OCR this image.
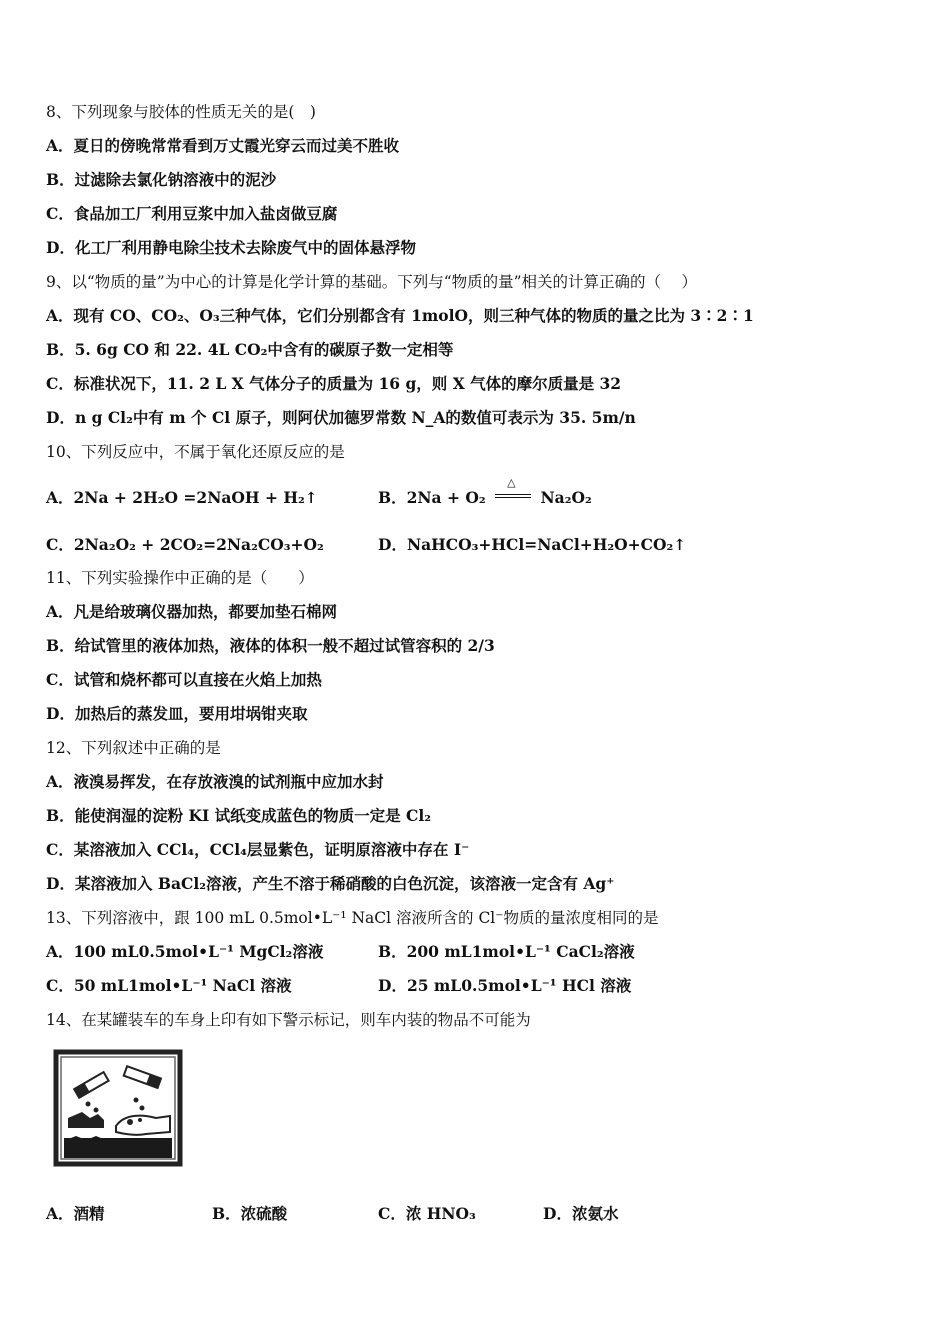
8、下列现象与胶体的性质无关的是(　)
A．夏日的傍晚常常看到万丈霞光穿云而过美不胜收
B．过滤除去氯化钠溶液中的泥沙
C．食品加工厂利用豆浆中加入盐卤做豆腐
D．化工厂利用静电除尘技术去除废气中的固体悬浮物
9、以“物质的量”为中心的计算是化学计算的基础。下列与“物质的量”相关的计算正确的（　 ）
A．现有 CO、CO₂、O₃三种气体，它们分别都含有 1molO，则三种气体的物质的量之比为 3∶2∶1
B．5. 6g CO 和 22. 4L CO₂中含有的碳原子数一定相等
C．标准状况下，11. 2 L X 气体分子的质量为 16 g，则 X 气体的摩尔质量是 32
D．n g Cl₂中有 m 个 Cl 原子，则阿伏加德罗常数 N_A的数值可表示为 35. 5m/n
10、下列反应中，不属于氧化还原反应的是
A．2Na + 2H₂O =2NaOH + H₂↑	B．2Na + O₂
△
Na₂O₂
C．2Na₂O₂ + 2CO₂=2Na₂CO₃+O₂	D．NaHCO₃+HCl=NaCl+H₂O+CO₂↑
11、下列实验操作中正确的是（　　）
A．凡是给玻璃仪器加热，都要加垫石棉网
B．给试管里的液体加热，液体的体积一般不超过试管容积的 2/3
C．试管和烧杯都可以直接在火焰上加热
D．加热后的蒸发皿，要用坩埚钳夹取
12、下列叙述中正确的是
A．液溴易挥发，在存放液溴的试剂瓶中应加水封
B．能使润湿的淀粉 KI 试纸变成蓝色的物质一定是 Cl₂
C．某溶液加入 CCl₄，CCl₄层显紫色，证明原溶液中存在 I⁻
D．某溶液加入 BaCl₂溶液，产生不溶于稀硝酸的白色沉淀，该溶液一定含有 Ag⁺
13、下列溶液中，跟 100 mL 0.5mol•L⁻¹ NaCl 溶液所含的 Cl⁻物质的量浓度相同的是
A．100 mL0.5mol•L⁻¹ MgCl₂溶液	B．200 mL1mol•L⁻¹ CaCl₂溶液
C．50 mL1mol•L⁻¹ NaCl 溶液	D．25 mL0.5mol•L⁻¹ HCl 溶液
14、在某罐装车的车身上印有如下警示标记，则车内装的物品不可能为
A．酒精	B．浓硫酸	C．浓 HNO₃	D．浓氨水
